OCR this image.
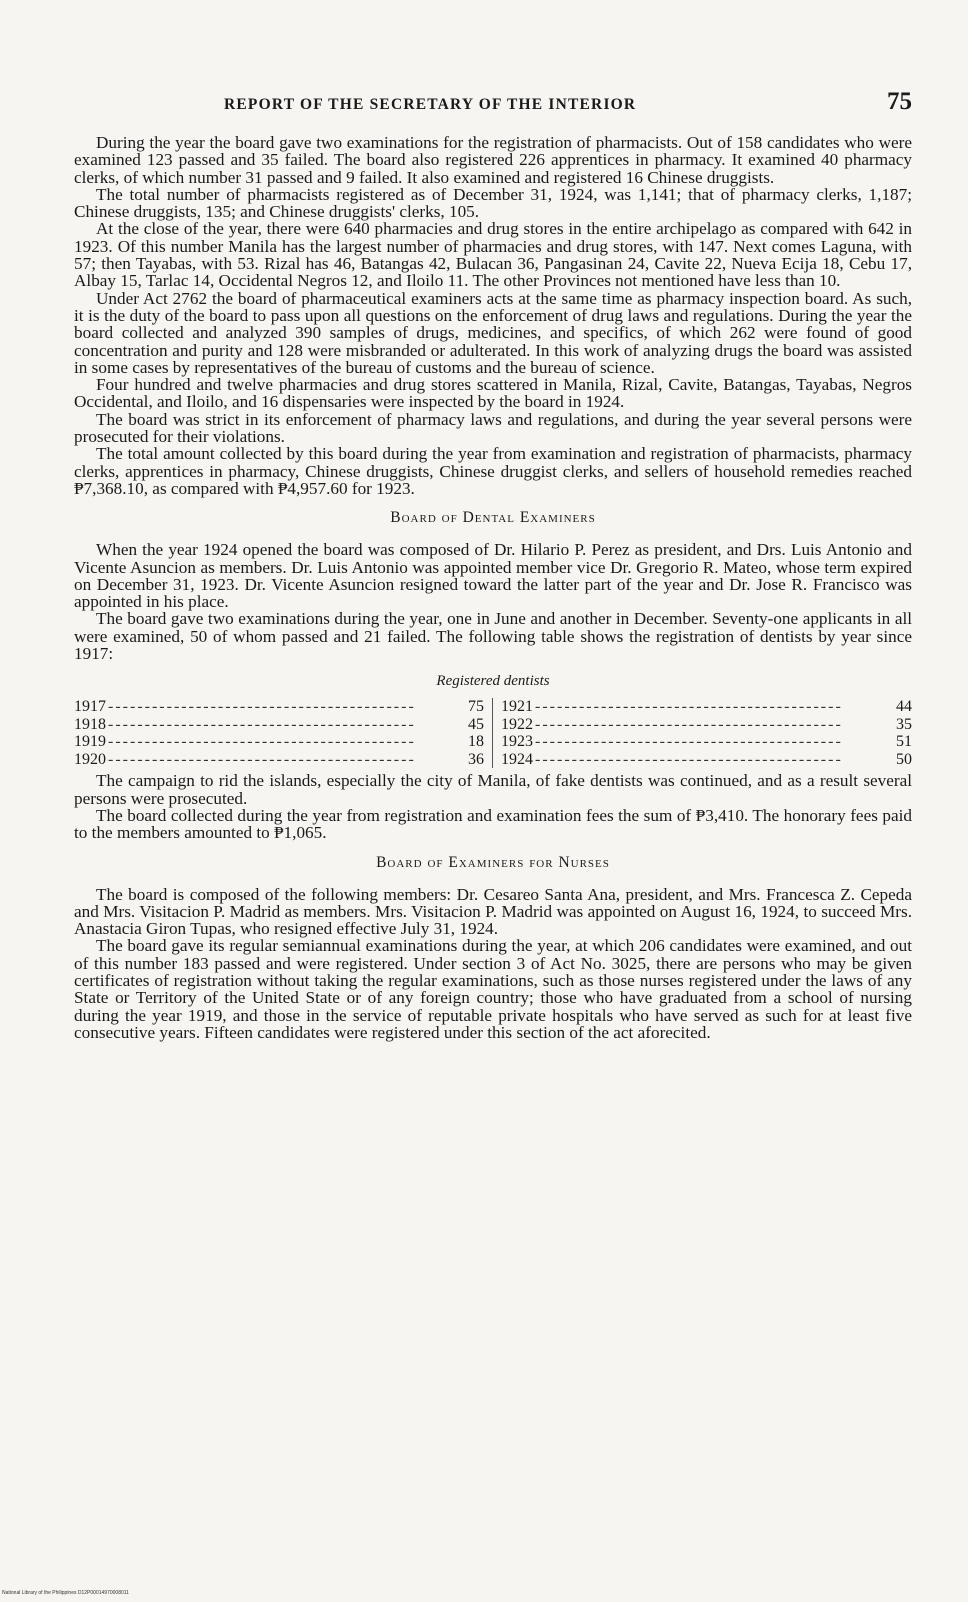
REPORT OF THE SECRETARY OF THE INTERIOR	75

During the year the board gave two examinations for the registration of pharmacists. Out of 158 candidates who were examined 123 passed and 35 failed. The board also registered 226 apprentices in pharmacy. It examined 40 pharmacy clerks, of which number 31 passed and 9 failed. It also examined and registered 16 Chinese druggists.

The total number of pharmacists registered as of December 31, 1924, was 1,141; that of pharmacy clerks, 1,187; Chinese druggists, 135; and Chinese druggists' clerks, 105.

At the close of the year, there were 640 pharmacies and drug stores in the entire archipelago as compared with 642 in 1923. Of this number Manila has the largest number of pharmacies and drug stores, with 147. Next comes Laguna, with 57; then Tayabas, with 53. Rizal has 46, Batangas 42, Bulacan 36, Pangasinan 24, Cavite 22, Nueva Ecija 18, Cebu 17, Albay 15, Tarlac 14, Occidental Negros 12, and Iloilo 11. The other Provinces not mentioned have less than 10.

Under Act 2762 the board of pharmaceutical examiners acts at the same time as pharmacy inspection board. As such, it is the duty of the board to pass upon all questions on the enforcement of drug laws and regulations. During the year the board collected and analyzed 390 samples of drugs, medicines, and specifics, of which 262 were found of good concentration and purity and 128 were misbranded or adulterated. In this work of analyzing drugs the board was assisted in some cases by representatives of the bureau of customs and the bureau of science.

Four hundred and twelve pharmacies and drug stores scattered in Manila, Rizal, Cavite, Batangas, Tayabas, Negros Occidental, and Iloilo, and 16 dispensaries were inspected by the board in 1924.

The board was strict in its enforcement of pharmacy laws and regulations, and during the year several persons were prosecuted for their violations.

The total amount collected by this board during the year from examination and registration of pharmacists, pharmacy clerks, apprentices in pharmacy, Chinese druggists, Chinese druggist clerks, and sellers of household remedies reached ₱7,368.10, as compared with ₱4,957.60 for 1923.

Board of Dental Examiners

When the year 1924 opened the board was composed of Dr. Hilario P. Perez as president, and Drs. Luis Antonio and Vicente Asuncion as members. Dr. Luis Antonio was appointed member vice Dr. Gregorio R. Mateo, whose term expired on December 31, 1923. Dr. Vicente Asuncion resigned toward the latter part of the year and Dr. Jose R. Francisco was appointed in his place.

The board gave two examinations during the year, one in June and another in December. Seventy-one applicants in all were examined, 50 of whom passed and 21 failed. The following table shows the registration of dentists by year since 1917:

Registered dentists
1917 ------------------------------------------	75
1918 ------------------------------------------	45
1919 ------------------------------------------	18
1920 ------------------------------------------	36
1921 ------------------------------------------	44
1922 ------------------------------------------	35
1923 ------------------------------------------	51
1924 ------------------------------------------	50

The campaign to rid the islands, especially the city of Manila, of fake dentists was continued, and as a result several persons were prosecuted.

The board collected during the year from registration and examination fees the sum of ₱3,410. The honorary fees paid to the members amounted to ₱1,065.

Board of Examiners for Nurses

The board is composed of the following members: Dr. Cesareo Santa Ana, president, and Mrs. Francesca Z. Cepeda and Mrs. Visitacion P. Madrid as members. Mrs. Visitacion P. Madrid was appointed on August 16, 1924, to succeed Mrs. Anastacia Giron Tupas, who resigned effective July 31, 1924.

The board gave its regular semiannual examinations during the year, at which 206 candidates were examined, and out of this number 183 passed and were registered. Under section 3 of Act No. 3025, there are persons who may be given certificates of registration without taking the regular examinations, such as those nurses registered under the laws of any State or Territory of the United State or of any foreign country; those who have graduated from a school of nursing during the year 1919, and those in the service of reputable private hospitals who have served as such for at least five consecutive years. Fifteen candidates were registered under this section of the act aforecited.

National Library of the Philippines D12P00014970008011
